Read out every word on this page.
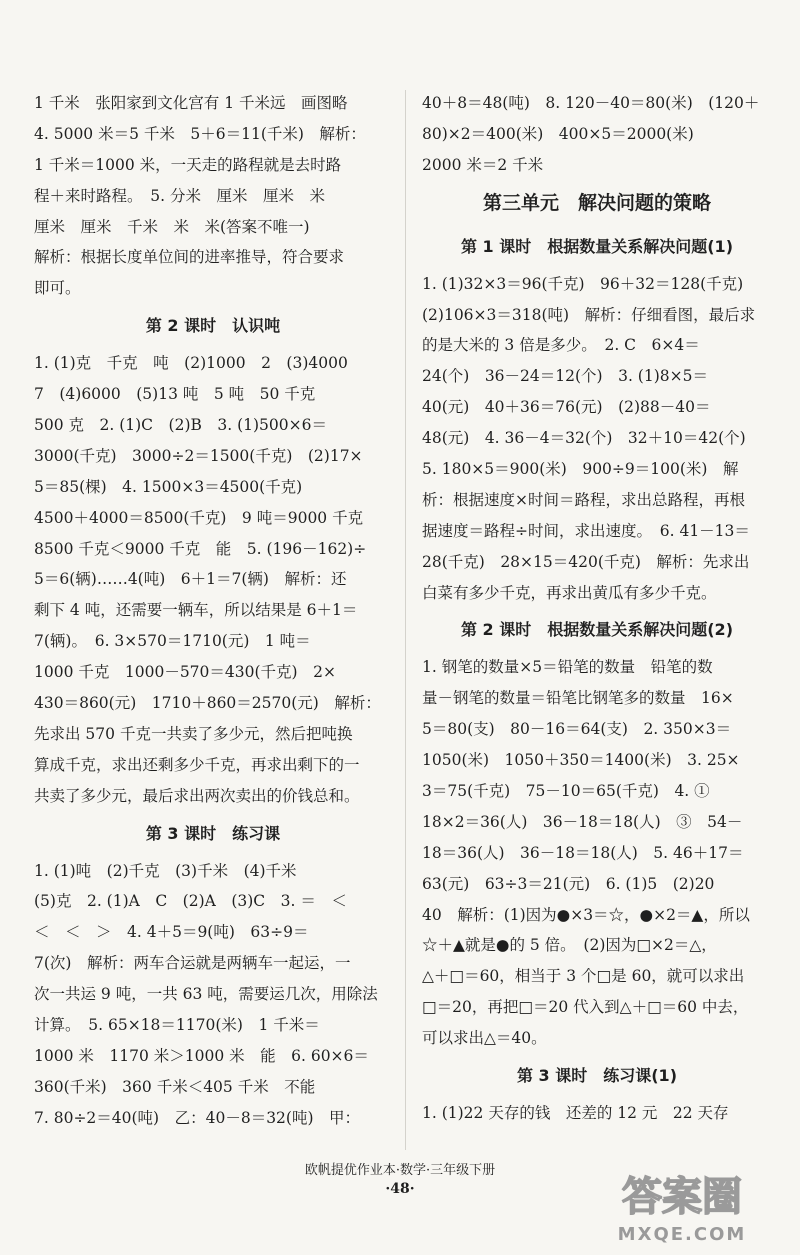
1 千米　张阳家到文化宫有 1 千米远　画图略
4. 5000 米＝5 千米　5＋6＝11(千米)　解析：
1 千米＝1000 米，一天走的路程就是去时路
程＋来时路程。　5. 分米　厘米　厘米　米
厘米　厘米　千米　米　米(答案不唯一)
解析：根据长度单位间的进率推导，符合要求
即可。
第 2 课时　认识吨
1. (1)克　千克　吨　(2)1000　2　(3)4000
7　(4)6000　(5)13 吨　5 吨　50 千克
500 克　2. (1)C　(2)B　3. (1)500×6＝
3000(千克)　3000÷2＝1500(千克)　(2)17×
5＝85(棵)　4. 1500×3＝4500(千克)
4500＋4000＝8500(千克)　9 吨＝9000 千克
8500 千克＜9000 千克　能　5. (196－162)÷
5＝6(辆)……4(吨)　6＋1＝7(辆)　解析：还
剩下 4 吨，还需要一辆车，所以结果是 6＋1＝
7(辆)。　6. 3×570＝1710(元)　1 吨＝
1000 千克　1000－570＝430(千克)　2×
430＝860(元)　1710＋860＝2570(元)　解析：
先求出 570 千克一共卖了多少元，然后把吨换
算成千克，求出还剩多少千克，再求出剩下的一
共卖了多少元，最后求出两次卖出的价钱总和。
第 3 课时　练习课
1. (1)吨　(2)千克　(3)千米　(4)千米
(5)克　2. (1)A　C　(2)A　(3)C　3. ＝　＜
＜　＜　＞　4. 4＋5＝9(吨)　63÷9＝
7(次)　解析：两车合运就是两辆车一起运，一
次一共运 9 吨，一共 63 吨，需要运几次，用除法
计算。　5. 65×18＝1170(米)　1 千米＝
1000 米　1170 米＞1000 米　能　6. 60×6＝
360(千米)　360 千米＜405 千米　不能
7. 80÷2＝40(吨)　乙：40－8＝32(吨)　甲：
40＋8＝48(吨)　8. 120－40＝80(米)　(120＋
80)×2＝400(米)　400×5＝2000(米)
2000 米＝2 千米
第三单元　解决问题的策略
第 1 课时　根据数量关系解决问题(1)
1. (1)32×3＝96(千克)　96＋32＝128(千克)
(2)106×3＝318(吨)　解析：仔细看图，最后求
的是大米的 3 倍是多少。　2. C　6×4＝
24(个)　36－24＝12(个)　3. (1)8×5＝
40(元)　40＋36＝76(元)　(2)88－40＝
48(元)　4. 36－4＝32(个)　32＋10＝42(个)
5. 180×5＝900(米)　900÷9＝100(米)　解
析：根据速度×时间＝路程，求出总路程，再根
据速度＝路程÷时间，求出速度。　6. 41－13＝
28(千克)　28×15＝420(千克)　解析：先求出
白菜有多少千克，再求出黄瓜有多少千克。
第 2 课时　根据数量关系解决问题(2)
1. 钢笔的数量×5＝铅笔的数量　铅笔的数
量－钢笔的数量＝铅笔比钢笔多的数量　16×
5＝80(支)　80－16＝64(支)　2. 350×3＝
1050(米)　1050＋350＝1400(米)　3. 25×
3＝75(千克)　75－10＝65(千克)　4. ①
18×2＝36(人)　36－18＝18(人)　③　54－
18＝36(人)　36－18＝18(人)　5. 46＋17＝
63(元)　63÷3＝21(元)　6. (1)5　(2)20
40　解析：(1)因为●×3＝☆，●×2＝▲，所以
☆＋▲就是●的 5 倍。　(2)因为□×2＝△，
△＋□＝60，相当于 3 个□是 60，就可以求出
□＝20，再把□＝20 代入到△＋□＝60 中去，
可以求出△＝40。
第 3 课时　练习课(1)
1. (1)22 天存的钱　还差的 12 元　22 天存
欧帆提优作业本·数学·三年级下册
·48·	答案圈
MXQE.COM
